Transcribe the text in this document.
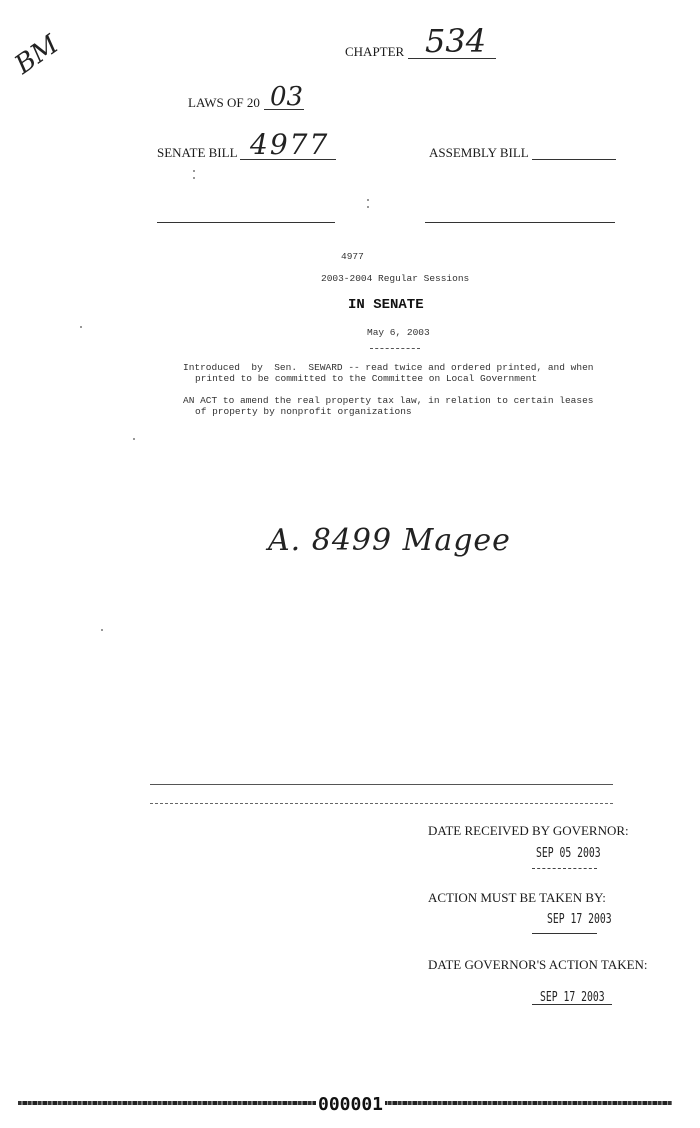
BM	CHAPTER 534
LAWS OF 20 03
SENATE BILL 4977	ASSEMBLY BILL
4977
2003-2004 Regular Sessions
IN SENATE
May 6, 2003
Introduced  by  Sen.  SEWARD -- read twice and ordered printed, and when
printed to be committed to the Committee on Local Government
AN ACT to amend the real property tax law, in relation to certain leases
of property by nonprofit organizations
A. 8499 Magee
DATE RECEIVED BY GOVERNOR:
SEP 05 2003
ACTION MUST BE TAKEN BY:
SEP 17 2003
DATE GOVERNOR'S ACTION TAKEN:
SEP 17 2003
000001
